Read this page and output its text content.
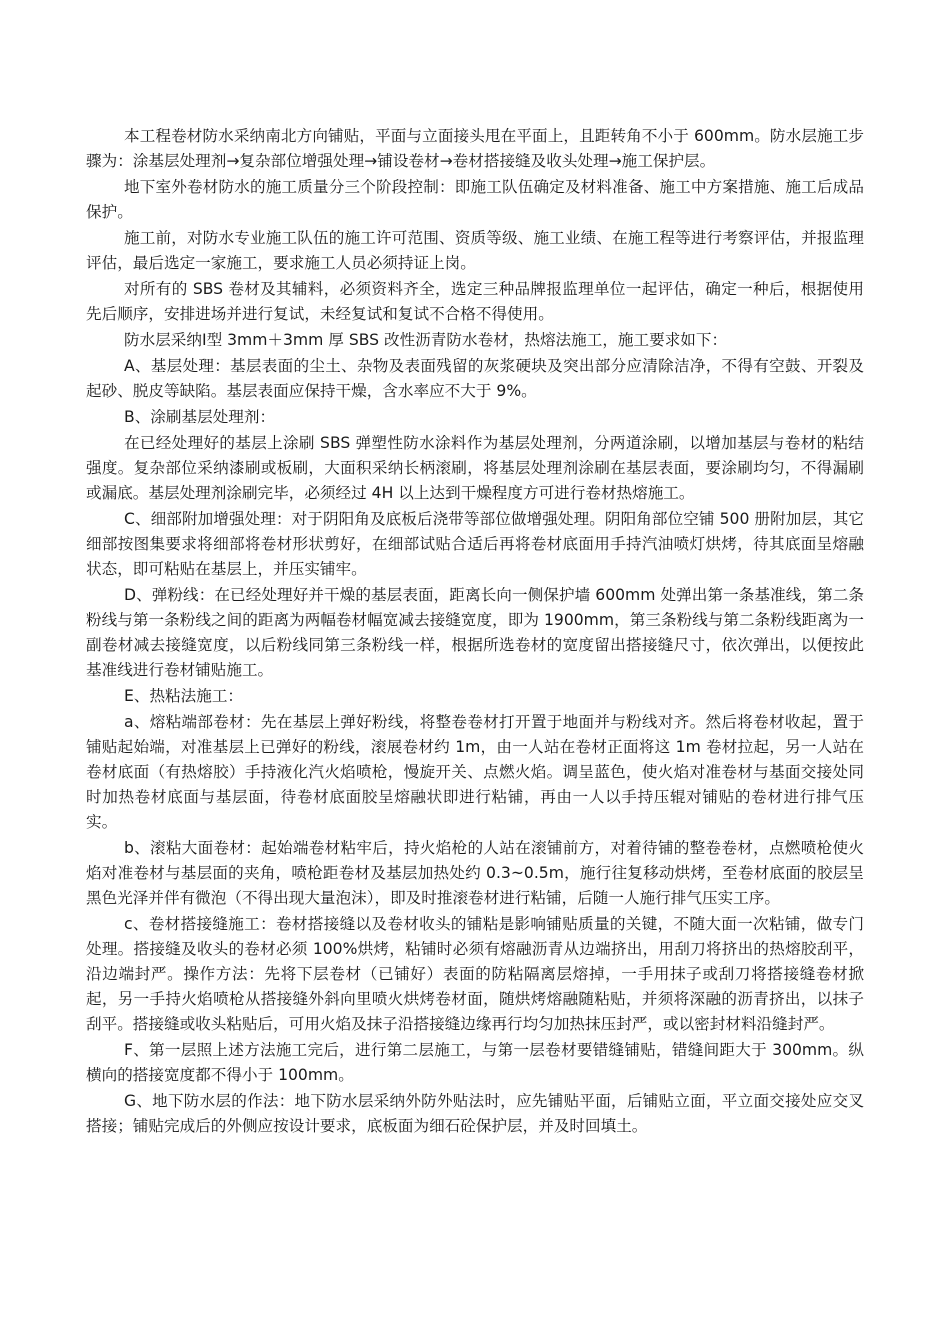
本工程卷材防水采纳南北方向铺贴，平面与立面接头甩在平面上，且距转角不小于 600mm。防水层施工步骤为：涂基层处理剂→复杂部位增强处理→铺设卷材→卷材搭接缝及收头处理→施工保护层。

地下室外卷材防水的施工质量分三个阶段控制：即施工队伍确定及材料准备、施工中方案措施、施工后成品保护。

施工前，对防水专业施工队伍的施工许可范围、资质等级、施工业绩、在施工程等进行考察评估，并报监理评估，最后选定一家施工，要求施工人员必须持证上岗。

对所有的 SBS 卷材及其辅料，必须资料齐全，选定三种品牌报监理单位一起评估，确定一种后，根据使用先后顺序，安排进场并进行复试，未经复试和复试不合格不得使用。

防水层采纳Ⅰ型 3mm＋3mm 厚 SBS 改性沥青防水卷材，热熔法施工，施工要求如下：

A、基层处理：基层表面的尘土、杂物及表面残留的灰浆硬块及突出部分应清除洁净，不得有空鼓、开裂及起砂、脱皮等缺陷。基层表面应保持干燥，含水率应不大于 9%。

B、涂刷基层处理剂：

在已经处理好的基层上涂刷 SBS 弹塑性防水涂料作为基层处理剂，分两道涂刷，以增加基层与卷材的粘结强度。复杂部位采纳漆刷或板刷，大面积采纳长柄滚刷，将基层处理剂涂刷在基层表面，要涂刷均匀，不得漏刷或漏底。基层处理剂涂刷完毕，必须经过 4H 以上达到干燥程度方可进行卷材热熔施工。

C、细部附加增强处理：对于阴阳角及底板后浇带等部位做增强处理。阴阳角部位空铺 500 册附加层，其它细部按图集要求将细部将卷材形状剪好，在细部试贴合适后再将卷材底面用手持汽油喷灯烘烤，待其底面呈熔融状态，即可粘贴在基层上，并压实铺牢。

D、弹粉线：在已经处理好并干燥的基层表面，距离长向一侧保护墙 600mm 处弹出第一条基准线，第二条粉线与第一条粉线之间的距离为两幅卷材幅宽减去接缝宽度，即为 1900mm，第三条粉线与第二条粉线距离为一副卷材减去接缝宽度，以后粉线同第三条粉线一样，根据所选卷材的宽度留出搭接缝尺寸，依次弹出，以便按此基准线进行卷材铺贴施工。

E、热粘法施工：

a、熔粘端部卷材：先在基层上弹好粉线，将整卷卷材打开置于地面并与粉线对齐。然后将卷材收起，置于铺贴起始端，对准基层上已弹好的粉线，滚展卷材约 1m，由一人站在卷材正面将这 1m 卷材拉起，另一人站在卷材底面（有热熔胶）手持液化汽火焰喷枪，慢旋开关、点燃火焰。调呈蓝色，使火焰对准卷材与基面交接处同时加热卷材底面与基层面，待卷材底面胶呈熔融状即进行粘铺，再由一人以手持压辊对铺贴的卷材进行排气压实。

b、滚粘大面卷材：起始端卷材粘牢后，持火焰枪的人站在滚铺前方，对着待铺的整卷卷材，点燃喷枪使火焰对准卷材与基层面的夹角，喷枪距卷材及基层加热处约 0.3~0.5m，施行往复移动烘烤，至卷材底面的胶层呈黑色光泽并伴有微泡（不得出现大量泡沫），即及时推滚卷材进行粘铺，后随一人施行排气压实工序。

c、卷材搭接缝施工：卷材搭接缝以及卷材收头的铺粘是影响铺贴质量的关键，不随大面一次粘铺，做专门处理。搭接缝及收头的卷材必须 100%烘烤，粘铺时必须有熔融沥青从边端挤出，用刮刀将挤出的热熔胶刮平，沿边端封严。操作方法：先将下层卷材（已铺好）表面的防粘隔离层熔掉，一手用抹子或刮刀将搭接缝卷材掀起，另一手持火焰喷枪从搭接缝外斜向里喷火烘烤卷材面，随烘烤熔融随粘贴，并须将深融的沥青挤出，以抹子刮平。搭接缝或收头粘贴后，可用火焰及抹子沿搭接缝边缘再行均匀加热抹压封严，或以密封材料沿缝封严。

F、第一层照上述方法施工完后，进行第二层施工，与第一层卷材要错缝铺贴，错缝间距大于 300mm。纵横向的搭接宽度都不得小于 100mm。

G、地下防水层的作法：地下防水层采纳外防外贴法时，应先铺贴平面，后铺贴立面，平立面交接处应交叉搭接；铺贴完成后的外侧应按设计要求，底板面为细石砼保护层，并及时回填土。
